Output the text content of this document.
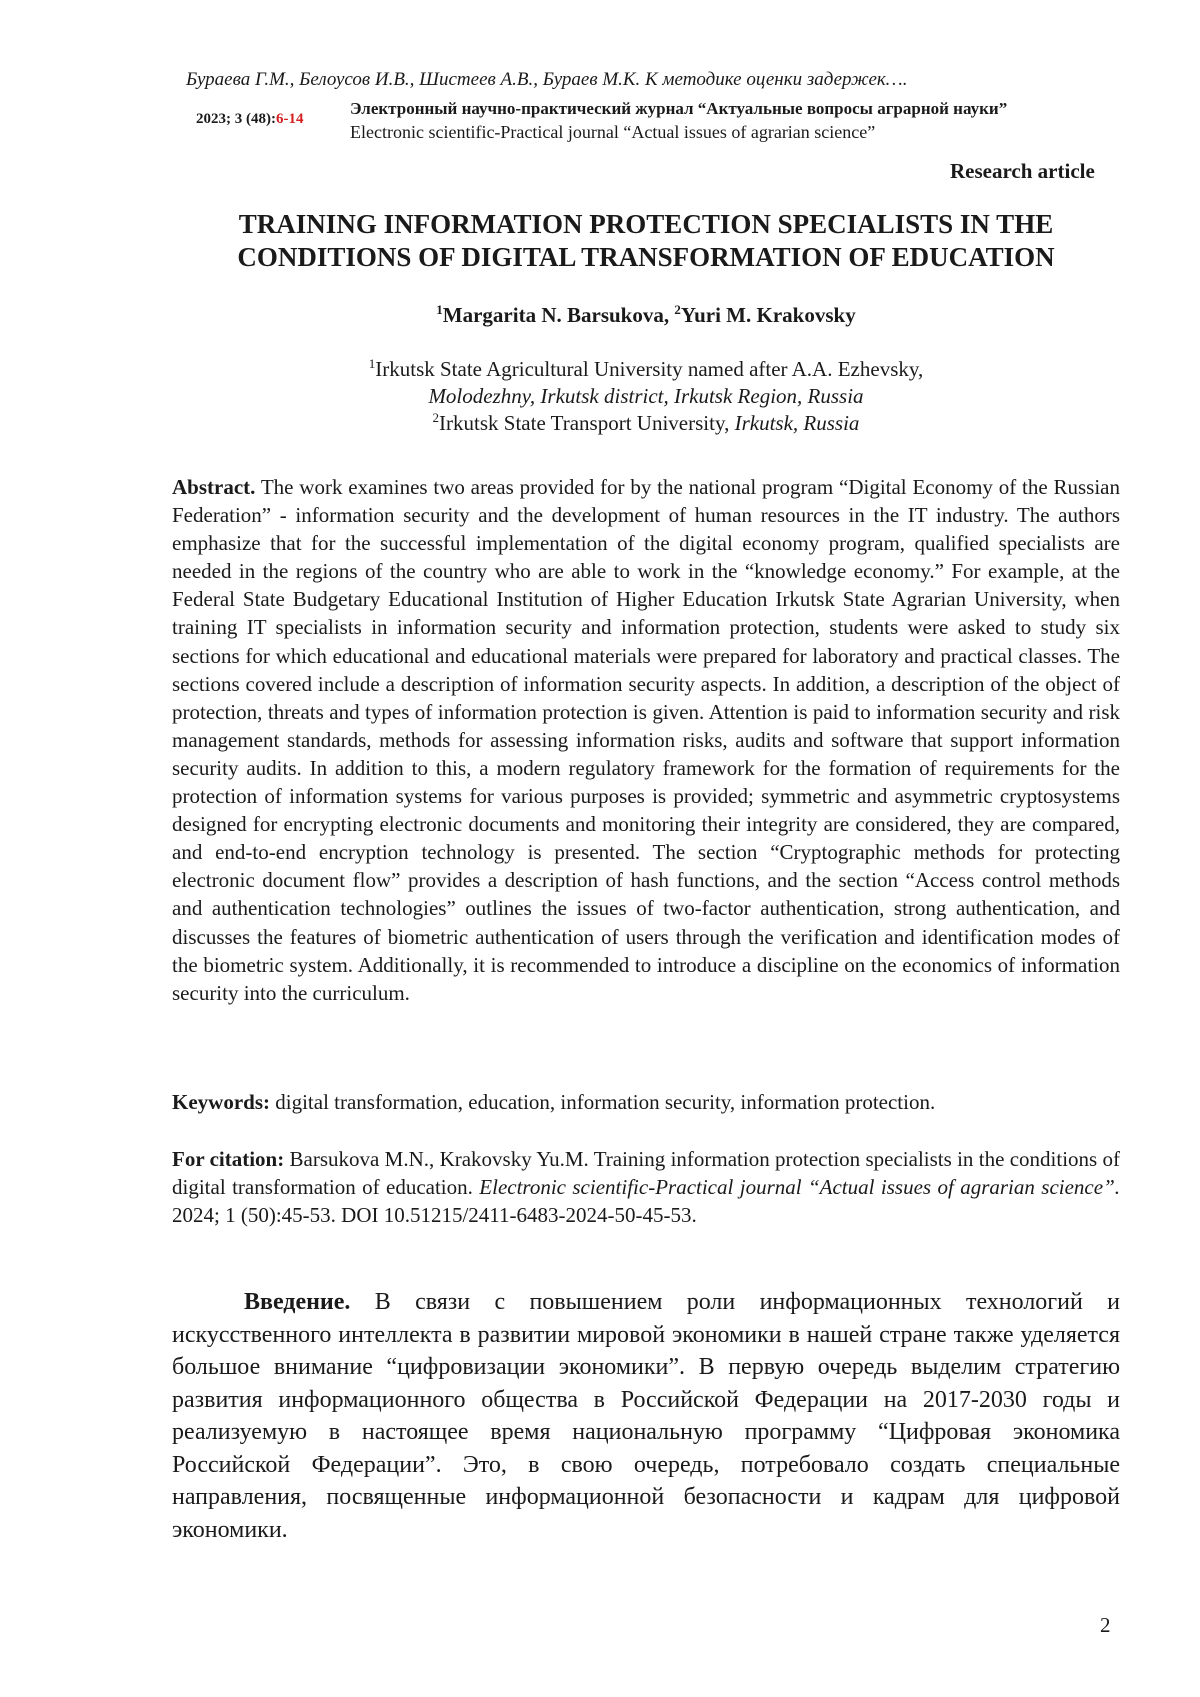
Бураева Г.М., Белоусов И.В., Шистеев А.В., Бураев М.К. К методике оценки задержек….
2023; 3 (48):6-14
Электронный научно-практический журнал “Актуальные вопросы аграрной науки”
Electronic scientific-Practical journal “Actual issues of agrarian science”
Research article
TRAINING INFORMATION PROTECTION SPECIALISTS IN THE CONDITIONS OF DIGITAL TRANSFORMATION OF EDUCATION
$^1$Margarita N. Barsukova, $^2$Yuri M. Krakovsky
$^1$Irkutsk State Agricultural University named after A.A. Ezhevsky,
Molodezhny, Irkutsk district, Irkutsk Region, Russia
$^2$Irkutsk State Transport University, Irkutsk, Russia
Abstract. The work examines two areas provided for by the national program “Digital Economy of the Russian Federation” - information security and the development of human resources in the IT industry. The authors emphasize that for the successful implementation of the digital economy program, qualified specialists are needed in the regions of the country who are able to work in the “knowledge economy.” For example, at the Federal State Budgetary Educational Institution of Higher Education Irkutsk State Agrarian University, when training IT specialists in information security and information protection, students were asked to study six sections for which educational and educational materials were prepared for laboratory and practical classes. The sections covered include a description of information security aspects. In addition, a description of the object of protection, threats and types of information protection is given. Attention is paid to information security and risk management standards, methods for assessing information risks, audits and software that support information security audits. In addition to this, a modern regulatory framework for the formation of requirements for the protection of information systems for various purposes is provided; symmetric and asymmetric cryptosystems designed for encrypting electronic documents and monitoring their integrity are considered, they are compared, and end-to-end encryption technology is presented. The section “Cryptographic methods for protecting electronic document flow” provides a description of hash functions, and the section “Access control methods and authentication technologies” outlines the issues of two-factor authentication, strong authentication, and discusses the features of biometric authentication of users through the verification and identification modes of the biometric system. Additionally, it is recommended to introduce a discipline on the economics of information security into the curriculum.
Keywords: digital transformation, education, information security, information protection.
For citation: Barsukova M.N., Krakovsky Yu.M. Training information protection specialists in the conditions of digital transformation of education. Electronic scientific-Practical journal “Actual issues of agrarian science”. 2024; 1 (50):45-53. DOI 10.51215/2411-6483-2024-50-45-53.
Введение. В связи с повышением роли информационных технологий и искусственного интеллекта в развитии мировой экономики в нашей стране также уделяется большое внимание “цифровизации экономики”. В первую очередь выделим стратегию развития информационного общества в Российской Федерации на 2017-2030 годы и реализуемую в настоящее время национальную программу “Цифровая экономика Российской Федерации”. Это, в свою очередь, потребовало создать специальные направления, посвященные информационной безопасности и кадрам для цифровой экономики.
2
